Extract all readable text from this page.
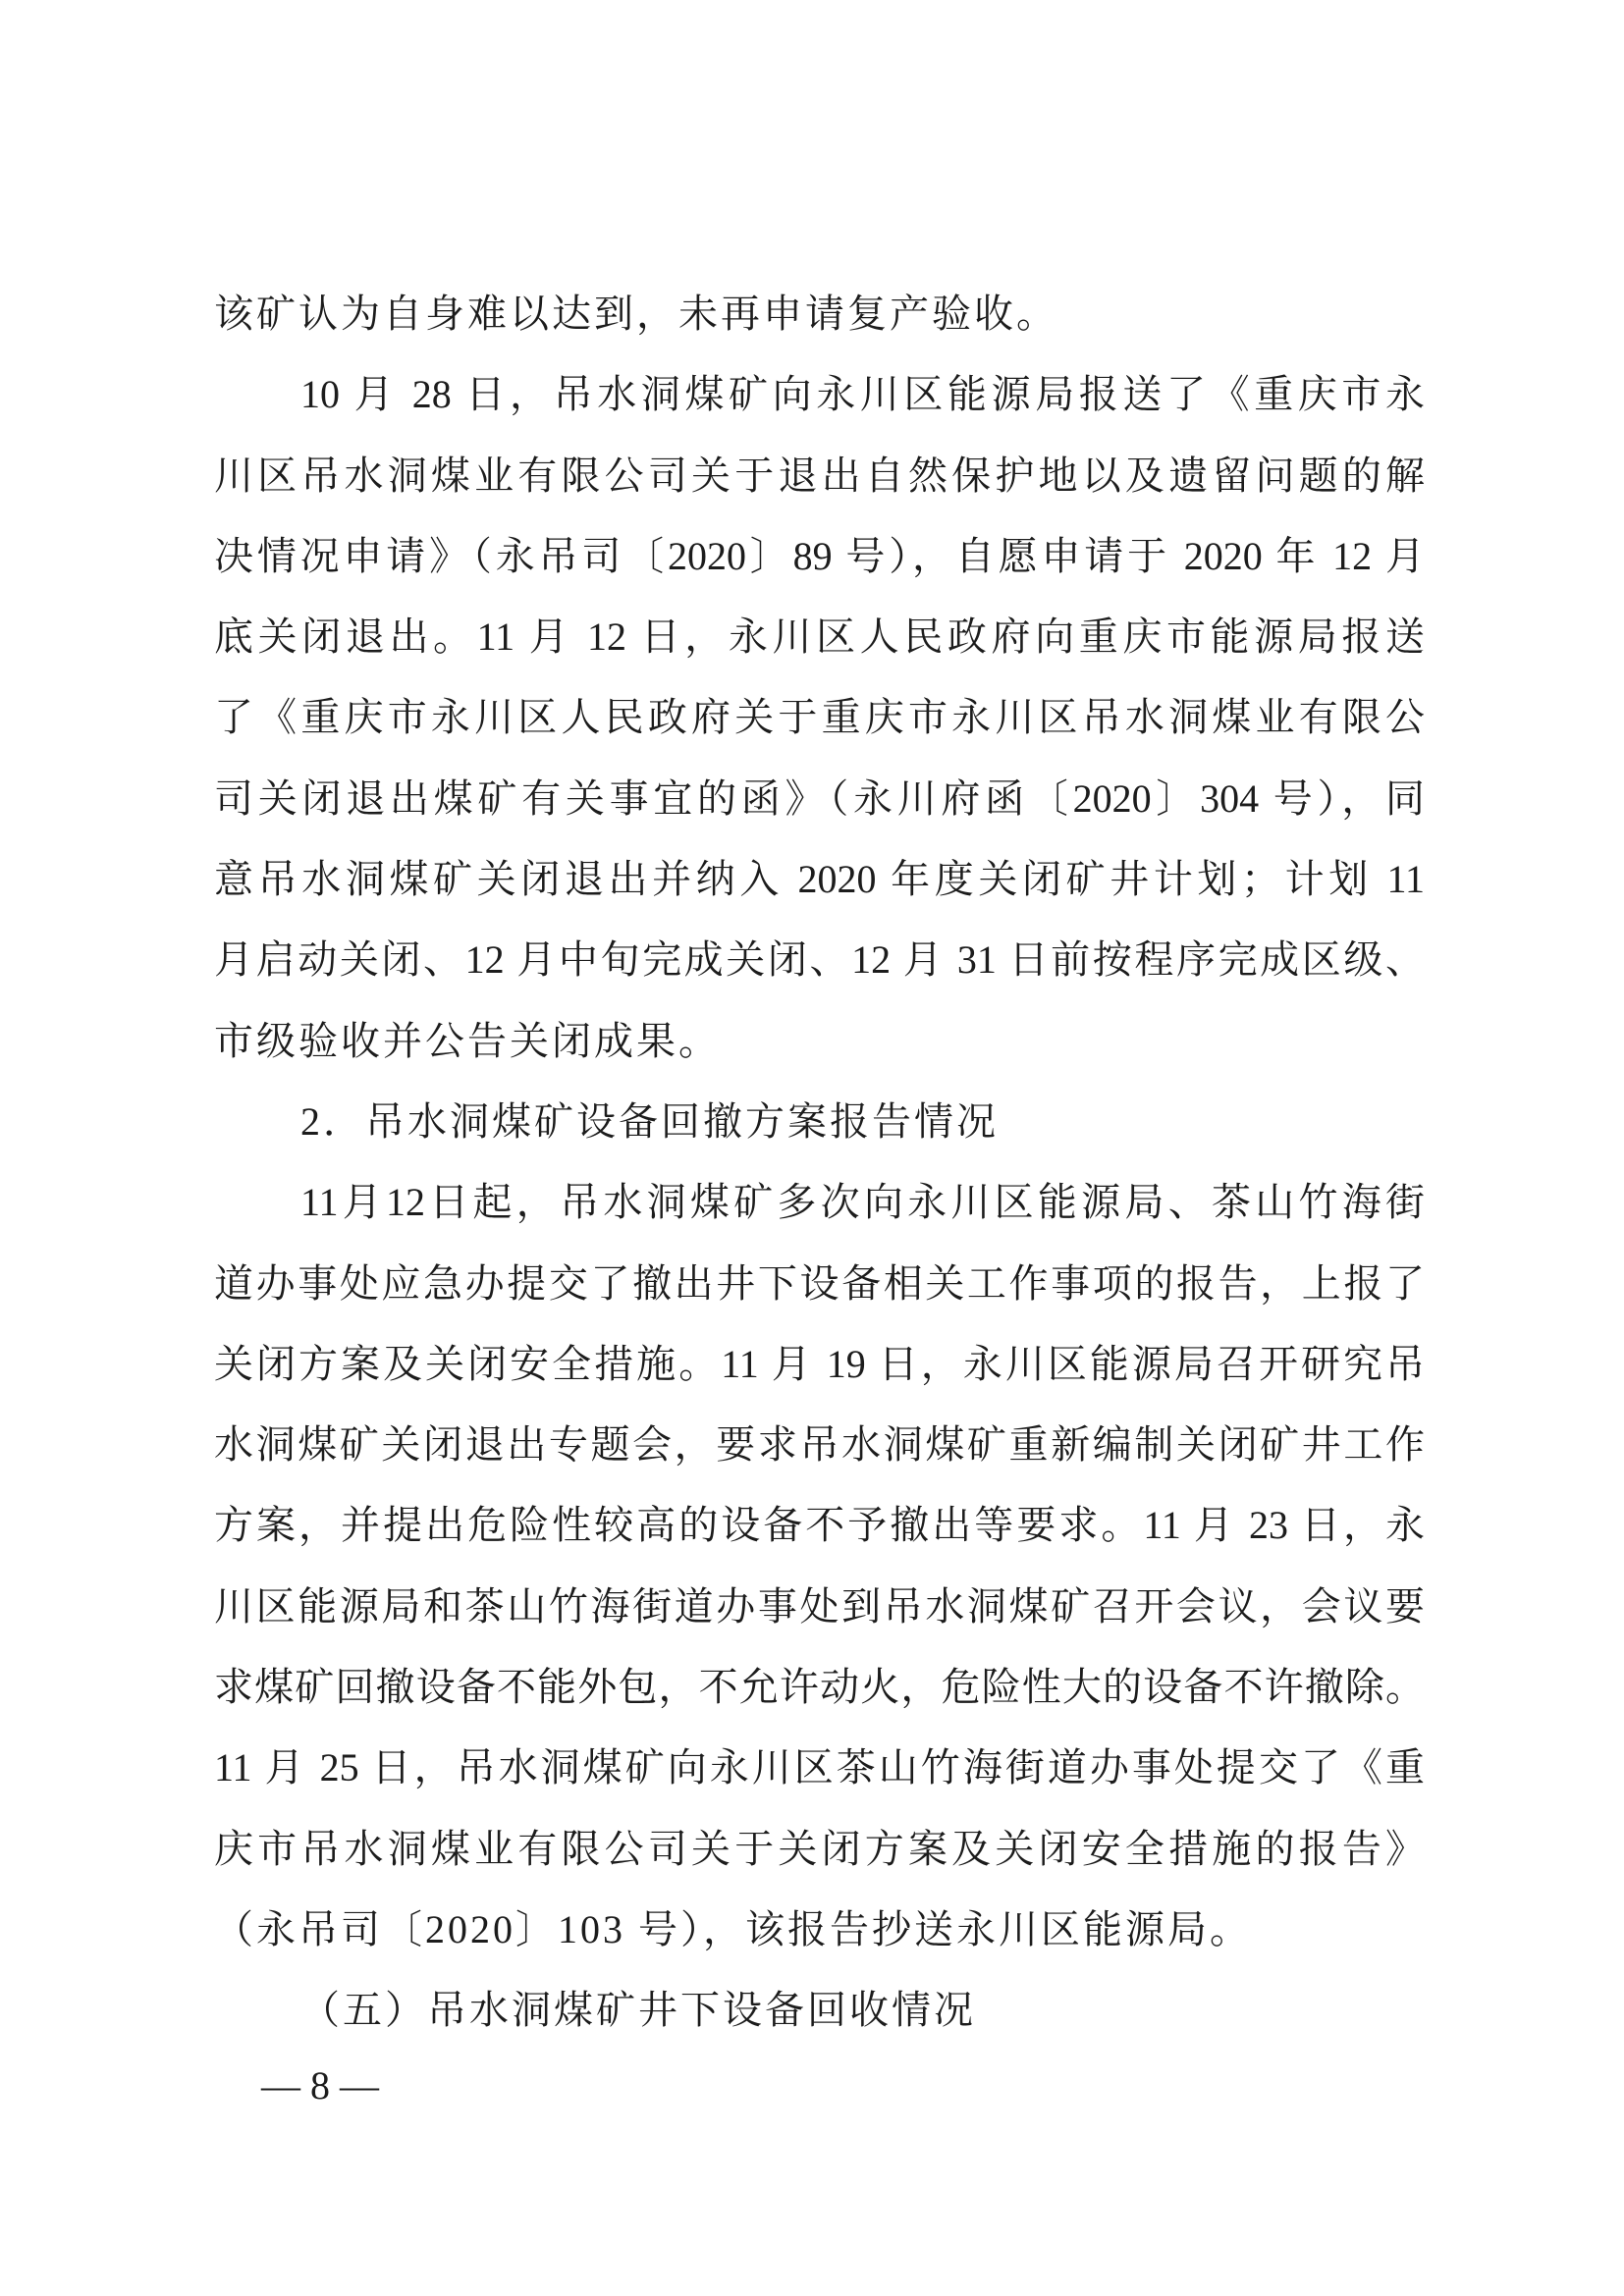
该矿认为自身难以达到，未再申请复产验收。
10 月 28 日，吊水洞煤矿向永川区能源局报送了《重庆市永
川区吊水洞煤业有限公司关于退出自然保护地以及遗留问题的解
决情况申请》（永吊司〔2020〕89 号），自愿申请于 2020 年 12 月
底关闭退出。11 月 12 日，永川区人民政府向重庆市能源局报送
了《重庆市永川区人民政府关于重庆市永川区吊水洞煤业有限公
司关闭退出煤矿有关事宜的函》（永川府函〔2020〕304 号），同
意吊水洞煤矿关闭退出并纳入 2020 年度关闭矿井计划；计划 11
月启动关闭、12 月中旬完成关闭、12 月 31 日前按程序完成区级、
市级验收并公告关闭成果。
2．吊水洞煤矿设备回撤方案报告情况
11月12日起，吊水洞煤矿多次向永川区能源局、茶山竹海街
道办事处应急办提交了撤出井下设备相关工作事项的报告，上报了
关闭方案及关闭安全措施。11 月 19 日，永川区能源局召开研究吊
水洞煤矿关闭退出专题会，要求吊水洞煤矿重新编制关闭矿井工作
方案，并提出危险性较高的设备不予撤出等要求。11 月 23 日，永
川区能源局和茶山竹海街道办事处到吊水洞煤矿召开会议，会议要
求煤矿回撤设备不能外包，不允许动火，危险性大的设备不许撤除。
11 月 25 日，吊水洞煤矿向永川区茶山竹海街道办事处提交了《重
庆市吊水洞煤业有限公司关于关闭方案及关闭安全措施的报告》
（永吊司〔2020〕103 号），该报告抄送永川区能源局。
（五）吊水洞煤矿井下设备回收情况
— 8 —
